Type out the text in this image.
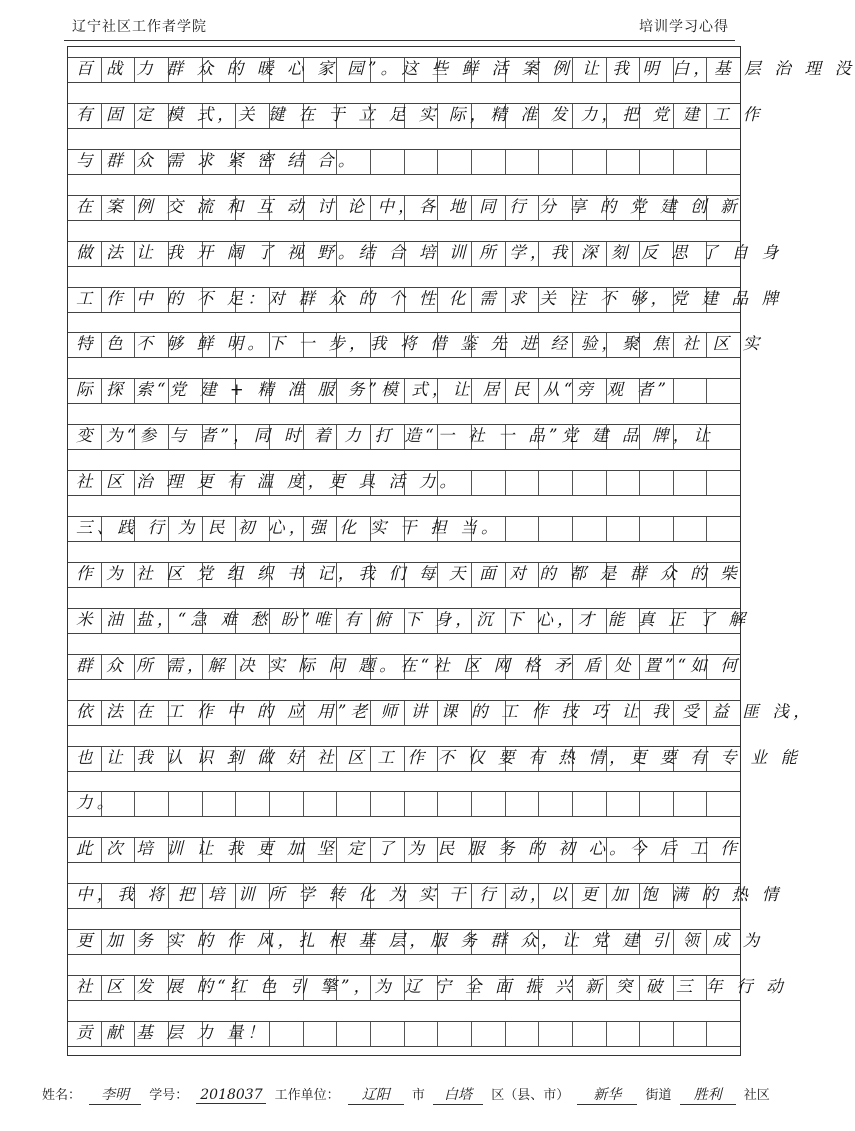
辽宁社区工作者学院	培训学习心得
百 战 力 群 众 的 暖 心 家 园”。这 些 鲜 活 案 例 让 我 明 白，基 层 治 理 没
有 固 定 模 式，关 键 在 于 立 足 实 际，精 准 发 力，把 党 建 工 作
与 群 众 需 求 紧 密 结 合。
在 案 例 交 流 和 互 动 讨 论 中，各 地 同 行 分 享 的 党 建 创 新
做 法 让 我 开 阔 了 视 野。结 合 培 训 所 学，我 深 刻 反 思 了 自 身
工 作 中 的 不 足：对 群 众 的 个 性 化 需 求 关 注 不 够，党 建 品 牌
特 色 不 够 鲜 明。下 一 步，我 将 借 鉴 先 进 经 验，聚 焦 社 区 实
际 探 索“党 建 + 精 准 服 务”模 式，让 居 民 从“旁 观 者”
变 为“参 与 者”，同 时 着 力 打 造“一 社 一 品”党 建 品 牌，让
社 区 治 理 更 有 温 度，更 具 活 力。
三、践 行 为 民 初 心，强 化 实 干 担 当。
作 为 社 区 党 组 织 书 记，我 们 每 天 面 对 的 都 是 群 众 的 柴
米 油 盐，“急 难 愁 盼”唯 有 俯 下 身，沉 下 心，才 能 真 正 了 解
群 众 所 需，解 决 实 际 问 题。在“社 区 网 格 矛 盾 处 置”“如 何
依 法 在 工 作 中 的 应 用”老 师 讲 课 的 工 作 技 巧 让 我 受 益 匪 浅，
也 让 我 认 识 到 做 好 社 区 工 作 不 仅 要 有 热 情，更 要 有 专 业 能
力。
此 次 培 训 让 我 更 加 坚 定 了 为 民 服 务 的 初 心。今 后 工 作
中，我 将 把 培 训 所 学 转 化 为 实 干 行 动，以 更 加 饱 满 的 热 情
更 加 务 实 的 作 风，扎 根 基 层，服 务 群 众，让 党 建 引 领 成 为
社 区 发 展 的“红 色 引 擎”，为 辽 宁 全 面 振 兴 新 突 破 三 年 行 动
贡 献 基 层 力 量！
姓名： 李明 学号： 2018037 工作单位： 辽阳 市 白塔 区（县、市） 新华 街道 胜利 社区
